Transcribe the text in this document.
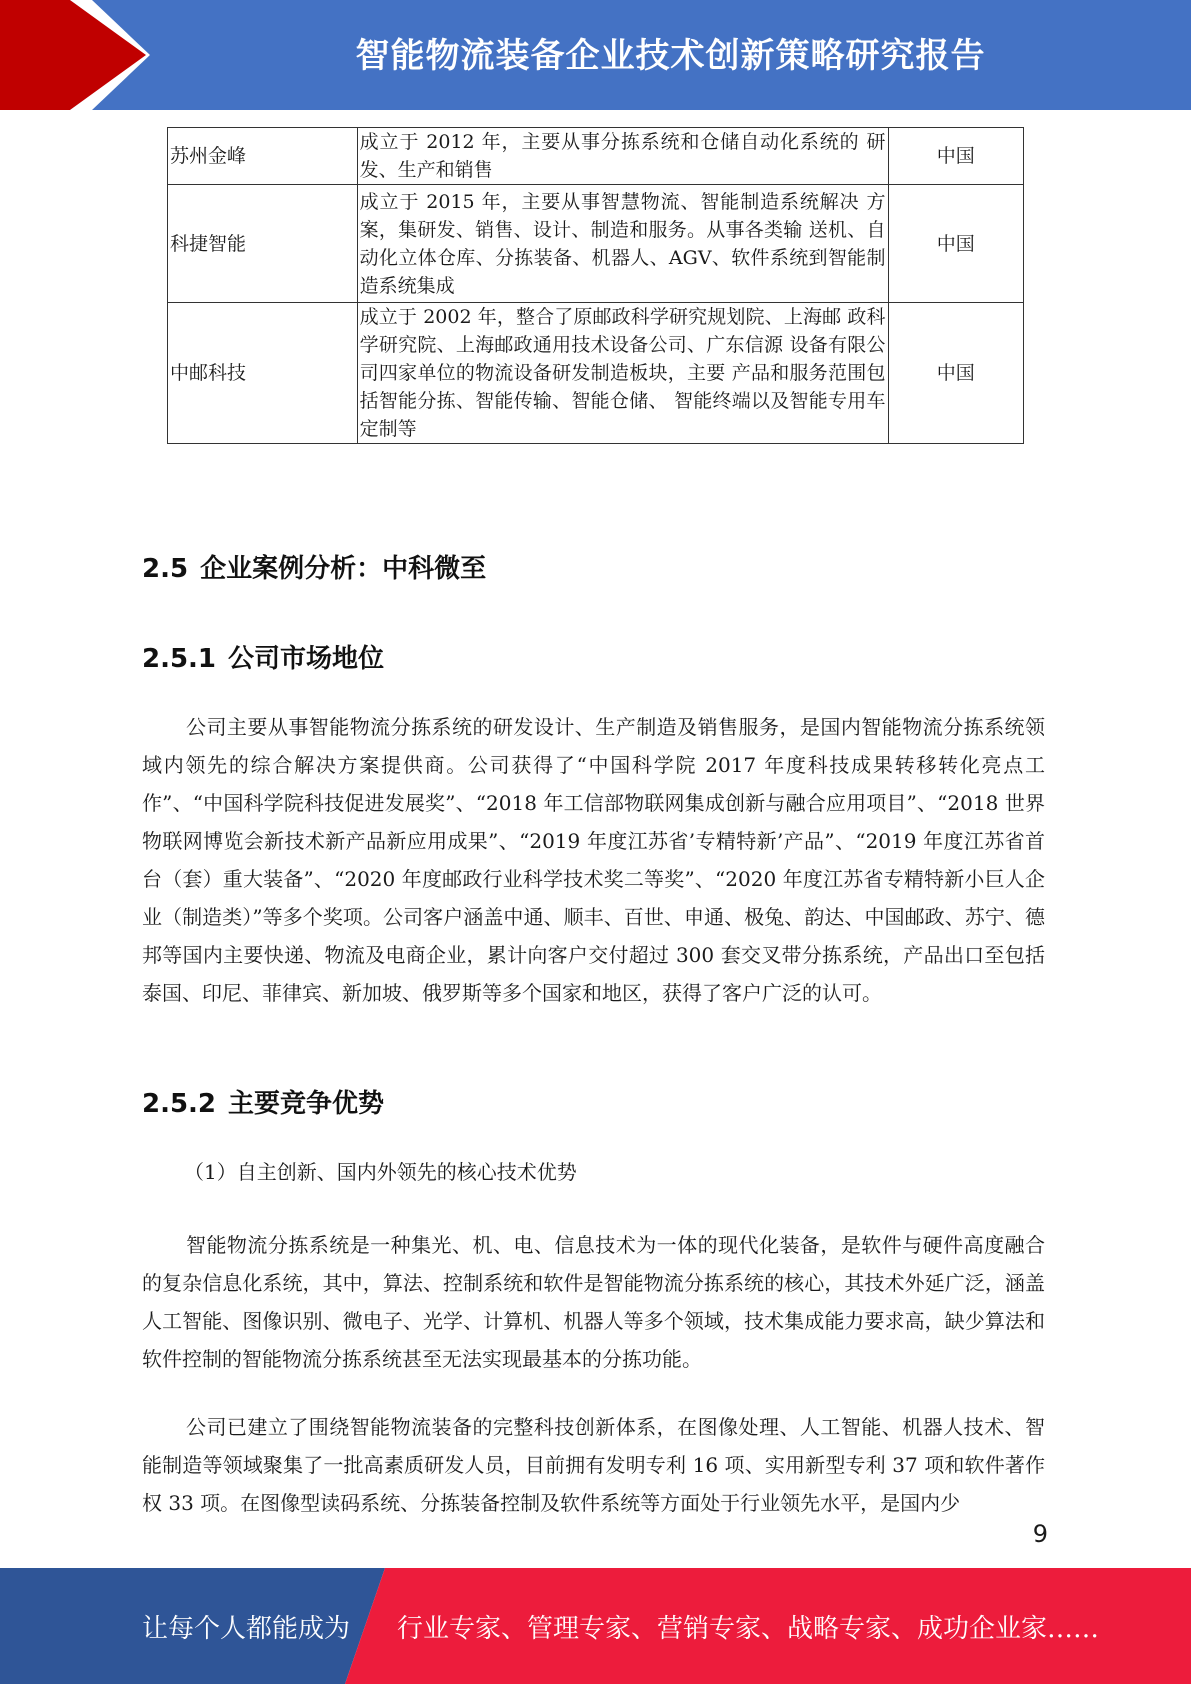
智能物流装备企业技术创新策略研究报告
苏州金峰	成立于 2012 年，主要从事分拣系统和仓储自动化系统的 研发、生产和销售	中国
科捷智能	成立于 2015 年，主要从事智慧物流、智能制造系统解决 方案，集研发、销售、设计、制造和服务。从事各类输 送机、自动化立体仓库、分拣装备、机器人、AGV、软件系统到智能制造系统集成	中国
中邮科技	成立于 2002 年，整合了原邮政科学研究规划院、上海邮 政科学研究院、上海邮政通用技术设备公司、广东信源 设备有限公司四家单位的物流设备研发制造板块，主要 产品和服务范围包括智能分拣、智能传输、智能仓储、 智能终端以及智能专用车定制等	中国
2.5 企业案例分析：中科微至
2.5.1 公司市场地位

公司主要从事智能物流分拣系统的研发设计、生产制造及销售服务，是国内智能物流分拣系统领域内领先的综合解决方案提供商。公司获得了“中国科学院 2017 年度科技成果转移转化亮点工作”、“中国科学院科技促进发展奖”、“2018 年工信部物联网集成创新与融合应用项目”、“2018 世界物联网博览会新技术新产品新应用成果”、“2019 年度江苏省’专精特新’产品”、“2019 年度江苏省首台（套）重大装备”、“2020 年度邮政行业科学技术奖二等奖”、“2020 年度江苏省专精特新小巨人企业（制造类）”等多个奖项。公司客户涵盖中通、顺丰、百世、申通、极兔、韵达、中国邮政、苏宁、德邦等国内主要快递、物流及电商企业，累计向客户交付超过 300 套交叉带分拣系统，产品出口至包括泰国、印尼、菲律宾、新加坡、俄罗斯等多个国家和地区，获得了客户广泛的认可。

2.5.2 主要竞争优势

（1）自主创新、国内外领先的核心技术优势

智能物流分拣系统是一种集光、机、电、信息技术为一体的现代化装备，是软件与硬件高度融合的复杂信息化系统，其中，算法、控制系统和软件是智能物流分拣系统的核心，其技术外延广泛，涵盖人工智能、图像识别、微电子、光学、计算机、机器人等多个领域，技术集成能力要求高，缺少算法和软件控制的智能物流分拣系统甚至无法实现最基本的分拣功能。

公司已建立了围绕智能物流装备的完整科技创新体系，在图像处理、人工智能、机器人技术、智能制造等领域聚集了一批高素质研发人员，目前拥有发明专利 16 项、实用新型专利 37 项和软件著作权 33 项。在图像型读码系统、分拣装备控制及软件系统等方面处于行业领先水平，是国内少

9
让每个人都能成为 行业专家、管理专家、营销专家、战略专家、成功企业家……
